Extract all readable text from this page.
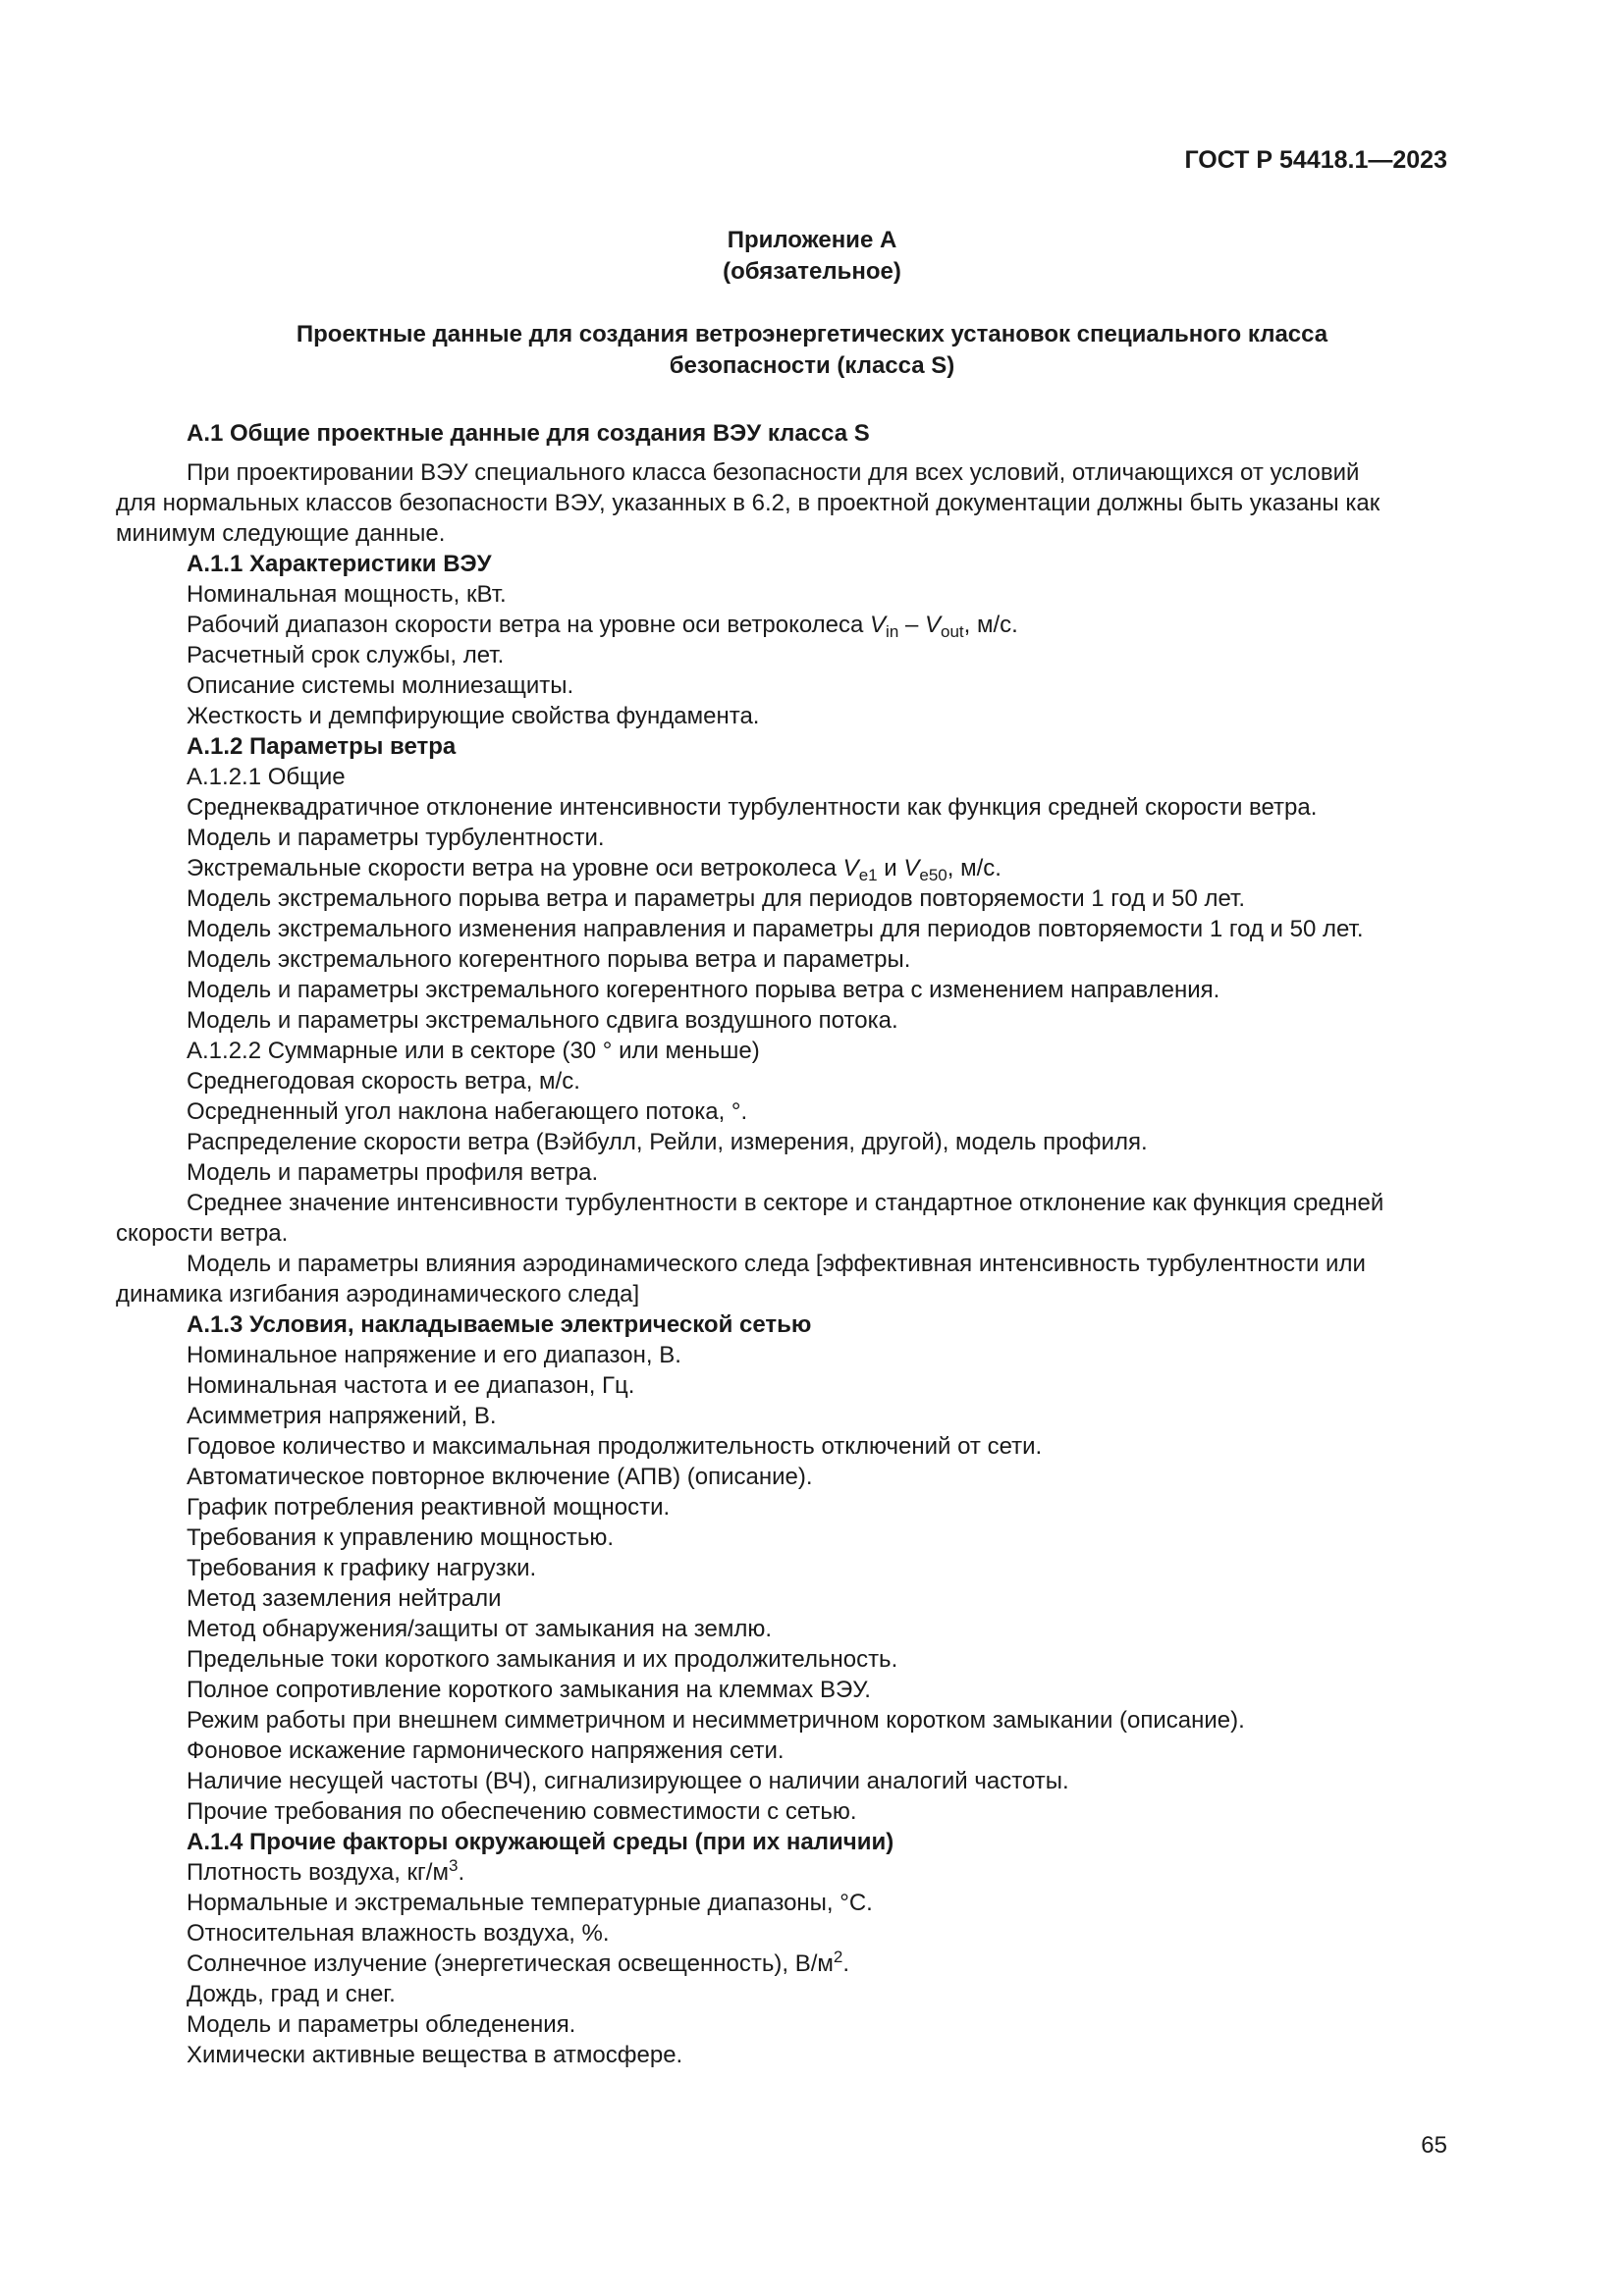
ГОСТ Р 54418.1—2023
Приложение А
(обязательное)
Проектные данные для создания ветроэнергетических установок специального класса
безопасности (класса S)
А.1 Общие проектные данные для создания ВЭУ класса S
При проектировании ВЭУ специального класса безопасности для всех условий, отличающихся от условий
для нормальных классов безопасности ВЭУ, указанных в 6.2, в проектной документации должны быть указаны как
минимум следующие данные.
А.1.1 Характеристики ВЭУ
Номинальная мощность, кВт.
Рабочий диапазон скорости ветра на уровне оси ветроколеса $V_{in} - V_{out}$, м/с.
Расчетный срок службы, лет.
Описание системы молниезащиты.
Жесткость и демпфирующие свойства фундамента.
А.1.2 Параметры ветра
А.1.2.1 Общие
Среднеквадратичное отклонение интенсивности турбулентности как функция средней скорости ветра.
Модель и параметры турбулентности.
Экстремальные скорости ветра на уровне оси ветроколеса $V_{e1}$ и $V_{e50}$, м/с.
Модель экстремального порыва ветра и параметры для периодов повторяемости 1 год и 50 лет.
Модель экстремального изменения направления и параметры для периодов повторяемости 1 год и 50 лет.
Модель экстремального когерентного порыва ветра и параметры.
Модель и параметры экстремального когерентного порыва ветра с изменением направления.
Модель и параметры экстремального сдвига воздушного потока.
А.1.2.2 Суммарные или в секторе (30 ° или меньше)
Среднегодовая скорость ветра, м/с.
Осредненный угол наклона набегающего потока, °.
Распределение скорости ветра (Вэйбулл, Рейли, измерения, другой), модель профиля.
Модель и параметры профиля ветра.
Среднее значение интенсивности турбулентности в секторе и стандартное отклонение как функция средней
скорости ветра.
Модель и параметры влияния аэродинамического следа [эффективная интенсивность турбулентности или
динамика изгибания аэродинамического следа]
А.1.3 Условия, накладываемые электрической сетью
Номинальное напряжение и его диапазон, В.
Номинальная частота и ее диапазон, Гц.
Асимметрия напряжений, В.
Годовое количество и максимальная продолжительность отключений от сети.
Автоматическое повторное включение (АПВ) (описание).
График потребления реактивной мощности.
Требования к управлению мощностью.
Требования к графику нагрузки.
Метод заземления нейтрали
Метод обнаружения/защиты от замыкания на землю.
Предельные токи короткого замыкания и их продолжительность.
Полное сопротивление короткого замыкания на клеммах ВЭУ.
Режим работы при внешнем симметричном и несимметричном коротком замыкании (описание).
Фоновое искажение гармонического напряжения сети.
Наличие несущей частоты (ВЧ), сигнализирующее о наличии аналогий частоты.
Прочие требования по обеспечению совместимости с сетью.
А.1.4 Прочие факторы окружающей среды (при их наличии)
Плотность воздуха, $кг/м^3$.
Нормальные и экстремальные температурные диапазоны, °С.
Относительная влажность воздуха, %.
Солнечное излучение (энергетическая освещенность), $В/м^2$.
Дождь, град и снег.
Модель и параметры обледенения.
Химически активные вещества в атмосфере.
65
